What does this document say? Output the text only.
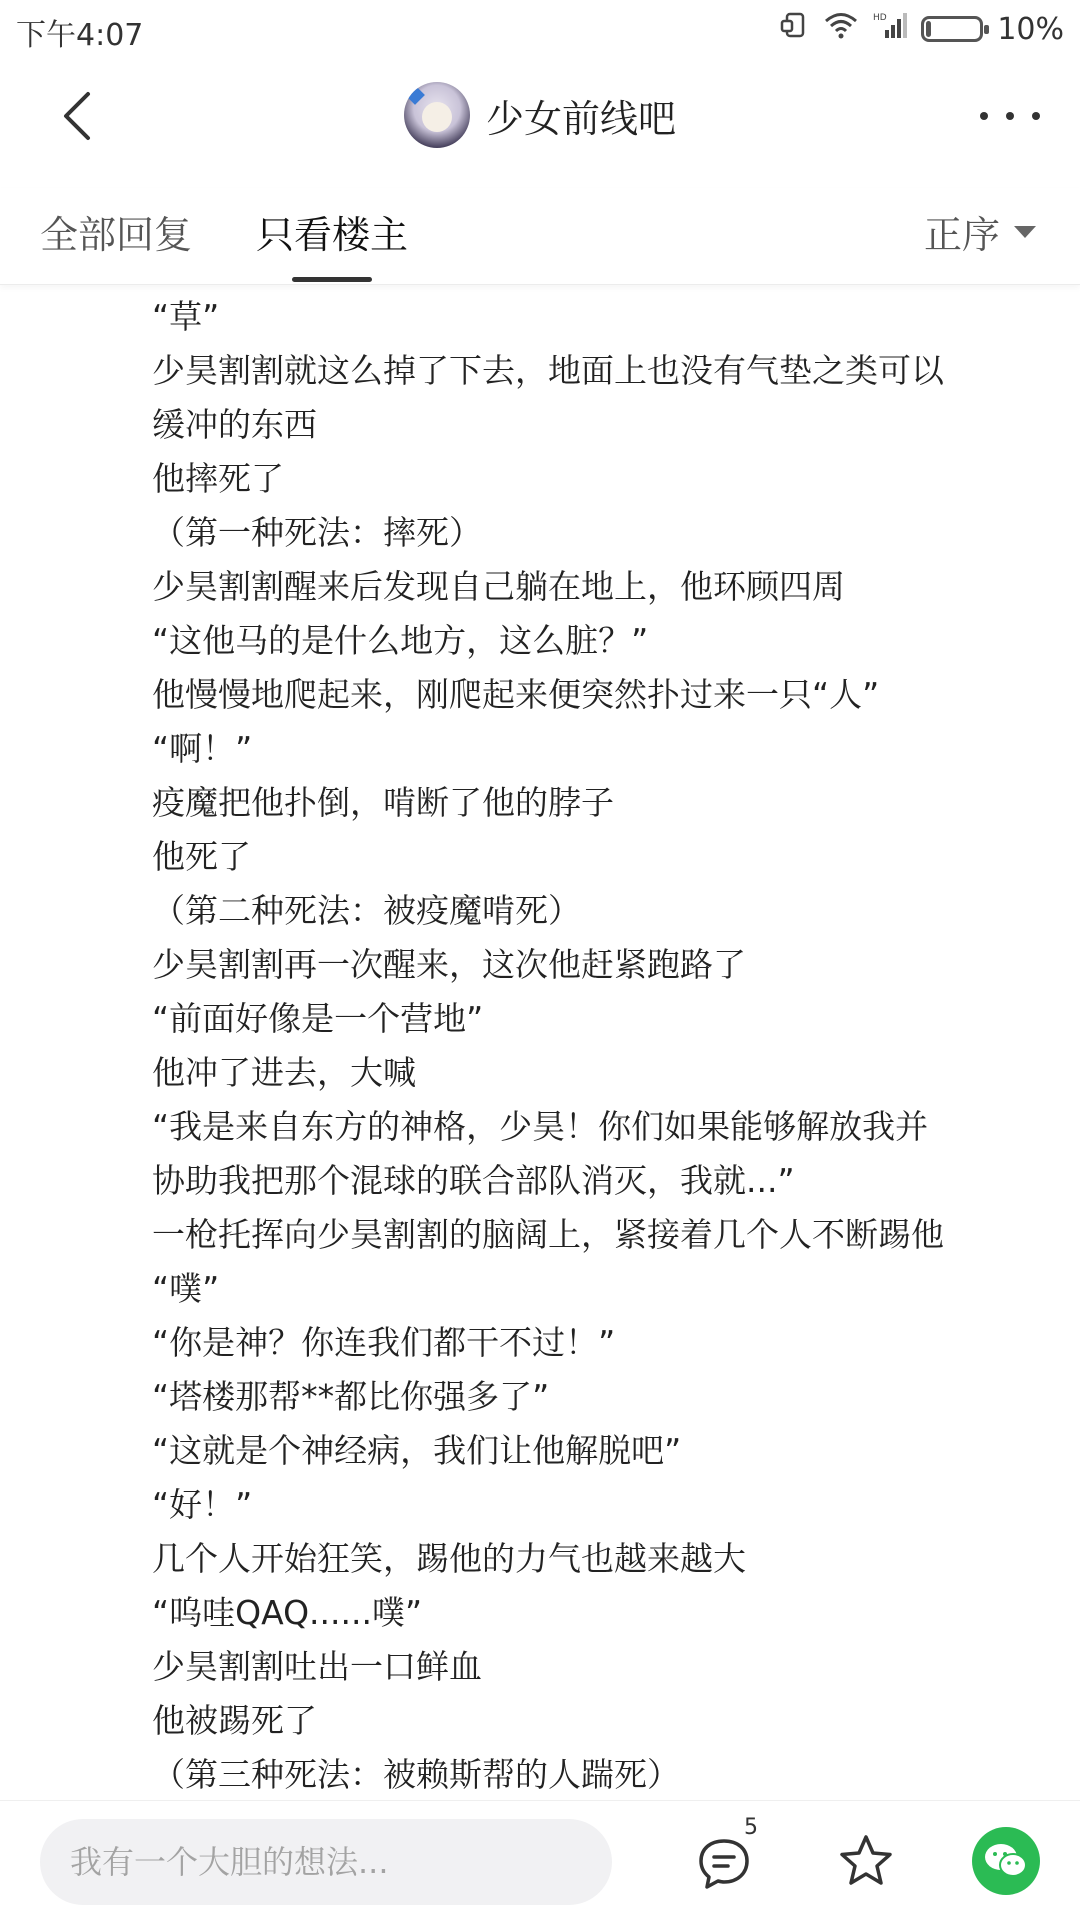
下午4:07	HD	10%
少女前线吧
全部回复 只看楼主	正序
“草”
少昊割割就这么掉了下去，地面上也没有气垫之类可以
缓冲的东西
他摔死了
（第一种死法：摔死）
少昊割割醒来后发现自己躺在地上，他环顾四周
“这他马的是什么地方，这么脏？”
他慢慢地爬起来，刚爬起来便突然扑过来一只“人”
“啊！”
疫魔把他扑倒，啃断了他的脖子
他死了
（第二种死法：被疫魔啃死）
少昊割割再一次醒来，这次他赶紧跑路了
“前面好像是一个营地”
他冲了进去，大喊
“我是来自东方的神格，少昊！你们如果能够解放我并
协助我把那个混球的联合部队消灭，我就...”
一枪托挥向少昊割割的脑阔上，紧接着几个人不断踢他
“噗”
“你是神？你连我们都干不过！”
“塔楼那帮**都比你强多了”
“这就是个神经病，我们让他解脱吧”
“好！”
几个人开始狂笑，踢他的力气也越来越大
“呜哇QAQ......噗”
少昊割割吐出一口鲜血
他被踢死了
（第三种死法：被赖斯帮的人踹死）
我有一个大胆的想法...
5
